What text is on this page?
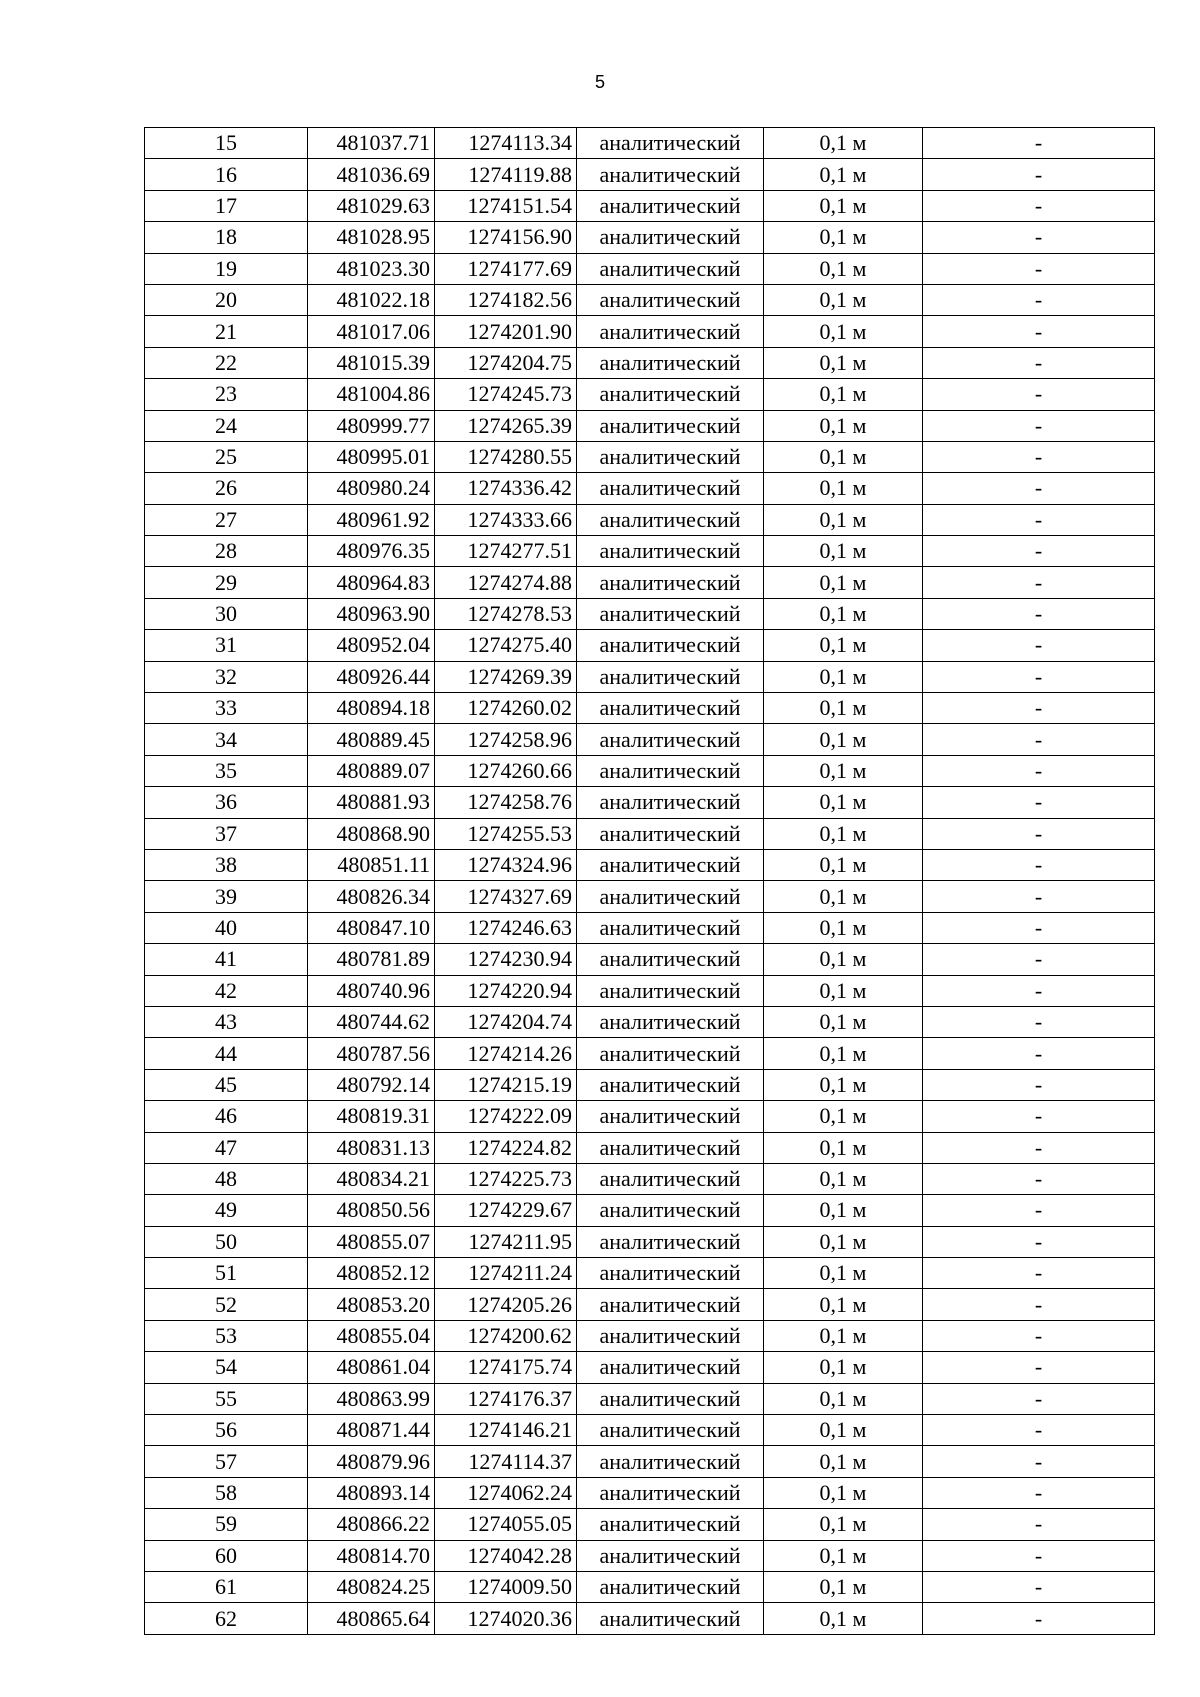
5
15	481037.71	1274113.34	аналитический	0,1 м	-
16	481036.69	1274119.88	аналитический	0,1 м	-
17	481029.63	1274151.54	аналитический	0,1 м	-
18	481028.95	1274156.90	аналитический	0,1 м	-
19	481023.30	1274177.69	аналитический	0,1 м	-
20	481022.18	1274182.56	аналитический	0,1 м	-
21	481017.06	1274201.90	аналитический	0,1 м	-
22	481015.39	1274204.75	аналитический	0,1 м	-
23	481004.86	1274245.73	аналитический	0,1 м	-
24	480999.77	1274265.39	аналитический	0,1 м	-
25	480995.01	1274280.55	аналитический	0,1 м	-
26	480980.24	1274336.42	аналитический	0,1 м	-
27	480961.92	1274333.66	аналитический	0,1 м	-
28	480976.35	1274277.51	аналитический	0,1 м	-
29	480964.83	1274274.88	аналитический	0,1 м	-
30	480963.90	1274278.53	аналитический	0,1 м	-
31	480952.04	1274275.40	аналитический	0,1 м	-
32	480926.44	1274269.39	аналитический	0,1 м	-
33	480894.18	1274260.02	аналитический	0,1 м	-
34	480889.45	1274258.96	аналитический	0,1 м	-
35	480889.07	1274260.66	аналитический	0,1 м	-
36	480881.93	1274258.76	аналитический	0,1 м	-
37	480868.90	1274255.53	аналитический	0,1 м	-
38	480851.11	1274324.96	аналитический	0,1 м	-
39	480826.34	1274327.69	аналитический	0,1 м	-
40	480847.10	1274246.63	аналитический	0,1 м	-
41	480781.89	1274230.94	аналитический	0,1 м	-
42	480740.96	1274220.94	аналитический	0,1 м	-
43	480744.62	1274204.74	аналитический	0,1 м	-
44	480787.56	1274214.26	аналитический	0,1 м	-
45	480792.14	1274215.19	аналитический	0,1 м	-
46	480819.31	1274222.09	аналитический	0,1 м	-
47	480831.13	1274224.82	аналитический	0,1 м	-
48	480834.21	1274225.73	аналитический	0,1 м	-
49	480850.56	1274229.67	аналитический	0,1 м	-
50	480855.07	1274211.95	аналитический	0,1 м	-
51	480852.12	1274211.24	аналитический	0,1 м	-
52	480853.20	1274205.26	аналитический	0,1 м	-
53	480855.04	1274200.62	аналитический	0,1 м	-
54	480861.04	1274175.74	аналитический	0,1 м	-
55	480863.99	1274176.37	аналитический	0,1 м	-
56	480871.44	1274146.21	аналитический	0,1 м	-
57	480879.96	1274114.37	аналитический	0,1 м	-
58	480893.14	1274062.24	аналитический	0,1 м	-
59	480866.22	1274055.05	аналитический	0,1 м	-
60	480814.70	1274042.28	аналитический	0,1 м	-
61	480824.25	1274009.50	аналитический	0,1 м	-
62	480865.64	1274020.36	аналитический	0,1 м	-
